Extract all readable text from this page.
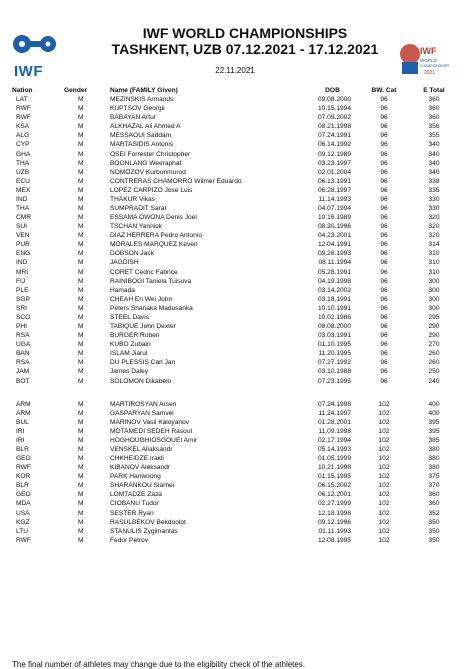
IWF
IWF WORLD CHAMPIONSHIPS
TASHKENT, UZB 07.12.2021 - 17.12.2021
22.11.2021
IWF
WORLD
CHAMPIONSHIPS
2021
Nation	Gender	Name (FAMILY Given)	DOB	BW. Cat	E Total
LAT	M	MEZINSKIS Armands	09.08.2000	96	360
RWF	M	KUPTSOV Georgii	10.15.1994	96	360
RWF	M	BABAYAN Artur	07.09.2002	96	360
KSA	M	ALKHAZAL Ali Ahmed A	08.21.1998	96	356
ALG	M	MESSAOUI Saddam	07.24.1991	96	355
CYP	M	MARTASIDIS Antonis	06.14.1992	96	340
GHA	M	OSEI Forrester Christopher	09.12.1989	96	340
THA	M	BOONLANG Weeraphat	03.23.1997	96	340
UZB	M	NOMOZOV Kurbonmurod	02.01.2004	96	340
ECU	M	CONTRERAS CHAMORRO Wilmer Eduardo	06.13.1991	96	338
MEX	M	LOPEZ CARPIZO Jose Luis	06.28.1997	96	335
IND	M	THAKUR Vikas	11.14.1993	96	330
THA	M	SUMPRADIT Sarat	04.07.1994	96	330
CMR	M	ESSAMA OWONA Denis Joel	10.16.1989	96	320
SUI	M	TSCHAN Yannick	08.30.1996	96	320
VEN	M	DIAZ HERRERA Pedro Antonio	04.23.2001	96	320
PUR	M	MORALES MARQUEZ Keven	12.04.1991	96	314
ENG	M	DOBSON Jack	09.26.1993	96	310
IND	M	JAGDISH	08.11.1994	96	310
MRI	M	CORET Cedric Fabrice	05.28.1991	96	310
FIJ	M	RAINIBOGI Taniela Tuisuva	04.19.1998	96	300
PLE	M	Hamada	03.14.2002	96	300
SGP	M	CHEAH En Wei John	03.18.1991	96	300
SRI	M	Peters Shanaka Madusanka	10.10.1991	96	300
SCO	M	STEEL Davis	10.02.1986	96	295
PHI	M	TABIQUE John Dexter	08.08.2000	96	290
RSA	M	BURGER Ruben	03.03.1991	96	290
UGA	M	KUBO Zubairi	01.10.1995	96	270
BAN	M	ISLAM Jiarul	11.20.1995	96	260
RSA	M	DU PLESSIS Carl Jan	07.27.1992	96	260
JAM	M	James Daley	03.10.1988	96	250
BOT	M	SOLOMON Dikabelo	07.23.1995	96	240

ARM	M	MARTIROSYAN Arsen	07.24.1998	102	400
ARM	M	GASPARYAN Samvel	11.24.1997	102	400
BUL	M	MARINOV Vasil Kaloyanov	01.28.2001	102	395
IRI	M	MOTAMEDI SEDEH Rasoul	11.09.1998	102	395
IRI	M	HOGHOUGHIOSGOUEI Amir	02.17.1994	102	385
BLR	M	VENSKEL Aliaksandr	05.14.1993	102	380
GEO	M	CHKHEIDZE Irakli	01.05.1999	102	380
RWF	M	KIBANOV Aleksandr	10.21.1998	102	380
KOR	M	PARK Hanwoong	01.15.1995	102	375
BLR	M	SHARANKOU Siarhei	06.15.2002	102	370
GEO	M	LOMTADZE Zaza	06.12.2001	102	360
MDA	M	CIOBANU Tudor	02.27.1999	102	360
USA	M	SESTER Ryan	12.18.1996	102	352
KGZ	M	RASULBEKOV Bekdoolot	09.12.1996	102	350
LTU	M	STANULIS Zygimantas	01.11.1993	102	350
RWF	M	Fedor Petrov	12.08.1995	102	350
The final number of athletes may change due to the eligibility check of the athletes.
